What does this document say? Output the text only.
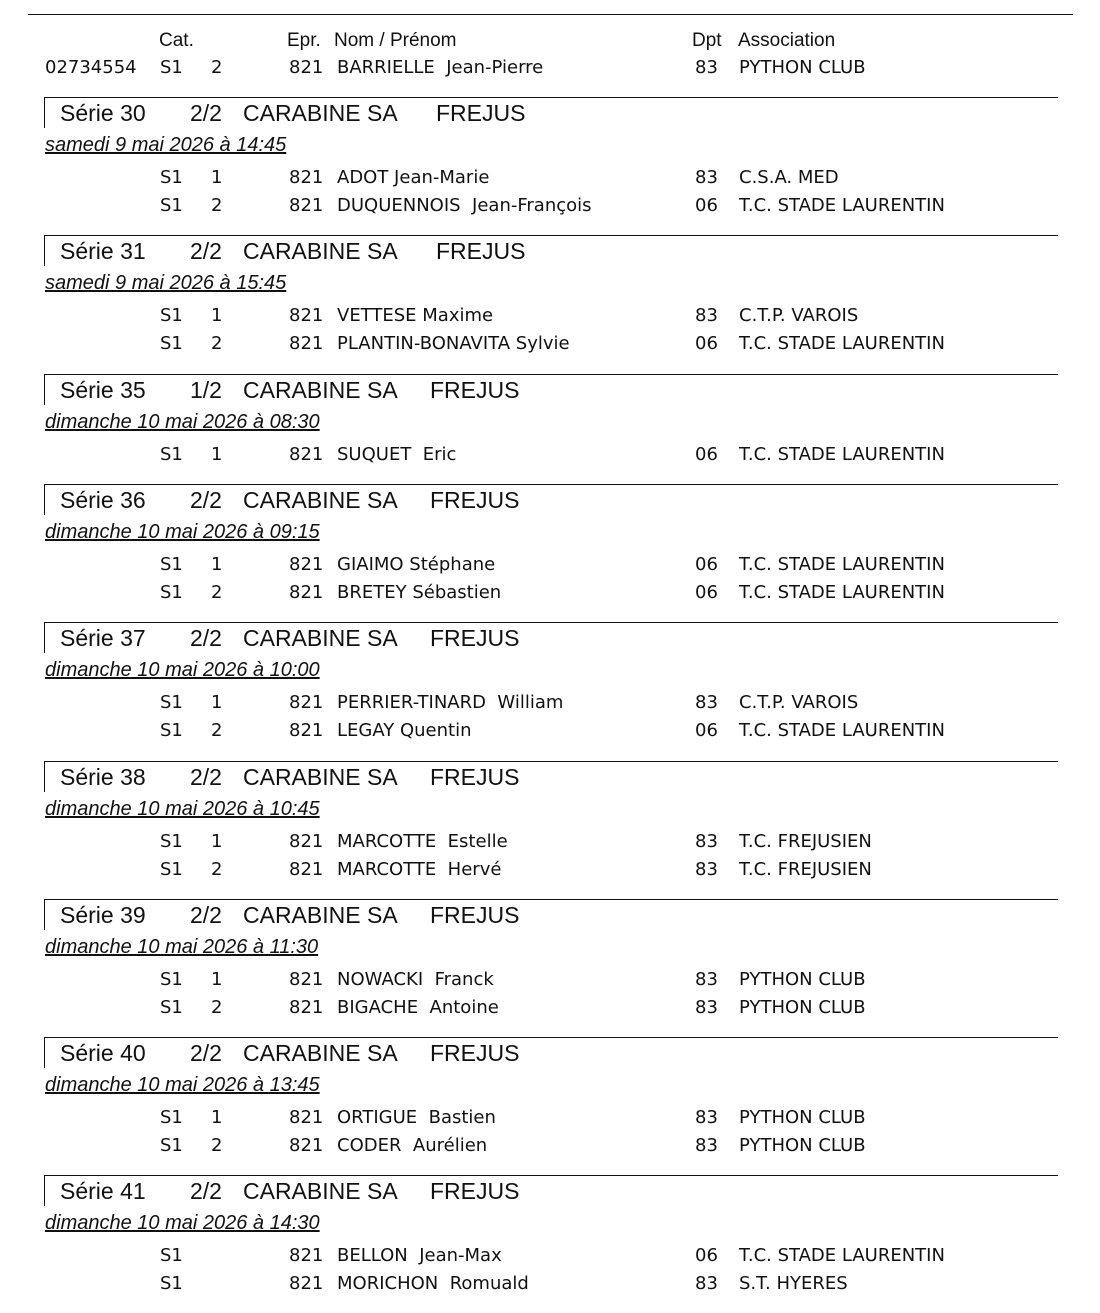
Cat.	Epr. Nom / Prénom	Dpt Association
02734554 S1 2	821 BARRIELLE  Jean-Pierre	83 PYTHON CLUB
Série 30 2/2 CARABINE SA FREJUS
samedi 9 mai 2026 à 14:45
S1 1	821 ADOT Jean-Marie	83 C.S.A. MED
S1 2	821 DUQUENNOIS  Jean-François	06 T.C. STADE LAURENTIN
Série 31 2/2 CARABINE SA FREJUS
samedi 9 mai 2026 à 15:45
S1 1	821 VETTESE Maxime	83 C.T.P. VAROIS
S1 2	821 PLANTIN-BONAVITA Sylvie	06 T.C. STADE LAURENTIN
Série 35 1/2 CARABINE SA FREJUS
dimanche 10 mai 2026 à 08:30
S1 1	821 SUQUET  Eric	06 T.C. STADE LAURENTIN
Série 36 2/2 CARABINE SA FREJUS
dimanche 10 mai 2026 à 09:15
S1 1	821 GIAIMO Stéphane	06 T.C. STADE LAURENTIN
S1 2	821 BRETEY Sébastien	06 T.C. STADE LAURENTIN
Série 37 2/2 CARABINE SA FREJUS
dimanche 10 mai 2026 à 10:00
S1 1	821 PERRIER-TINARD  William	83 C.T.P. VAROIS
S1 2	821 LEGAY Quentin	06 T.C. STADE LAURENTIN
Série 38 2/2 CARABINE SA FREJUS
dimanche 10 mai 2026 à 10:45
S1 1	821 MARCOTTE  Estelle	83 T.C. FREJUSIEN
S1 2	821 MARCOTTE  Hervé	83 T.C. FREJUSIEN
Série 39 2/2 CARABINE SA FREJUS
dimanche 10 mai 2026 à 11:30
S1 1	821 NOWACKI  Franck	83 PYTHON CLUB
S1 2	821 BIGACHE  Antoine	83 PYTHON CLUB
Série 40 2/2 CARABINE SA FREJUS
dimanche 10 mai 2026 à 13:45
S1 1	821 ORTIGUE  Bastien	83 PYTHON CLUB
S1 2	821 CODER  Aurélien	83 PYTHON CLUB
Série 41 2/2 CARABINE SA FREJUS
dimanche 10 mai 2026 à 14:30
S1	821 BELLON  Jean-Max	06 T.C. STADE LAURENTIN
S1	821 MORICHON  Romuald	83 S.T. HYERES
